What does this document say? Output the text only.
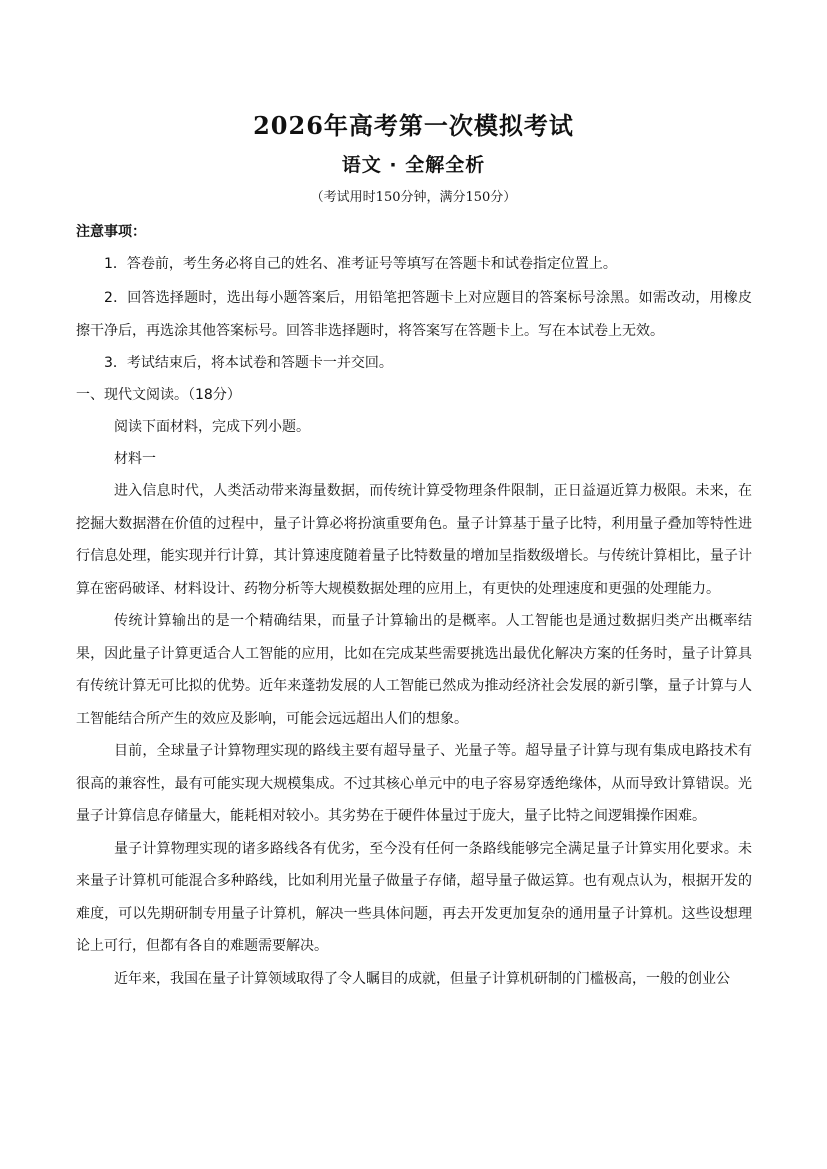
2026年高考第一次模拟考试
语文 · 全解全析

（考试用时150分钟，满分150分）

注意事项：

1．答卷前，考生务必将自己的姓名、准考证号等填写在答题卡和试卷指定位置上。

2．回答选择题时，选出每小题答案后，用铅笔把答题卡上对应题目的答案标号涂黑。如需改动，用橡皮擦干净后，再选涂其他答案标号。回答非选择题时，将答案写在答题卡上。写在本试卷上无效。

3．考试结束后，将本试卷和答题卡一并交回。

一、现代文阅读。（18分）

阅读下面材料，完成下列小题。

材料一

进入信息时代，人类活动带来海量数据，而传统计算受物理条件限制，正日益逼近算力极限。未来，在挖掘大数据潜在价值的过程中，量子计算必将扮演重要角色。量子计算基于量子比特，利用量子叠加等特性进行信息处理，能实现并行计算，其计算速度随着量子比特数量的增加呈指数级增长。与传统计算相比，量子计算在密码破译、材料设计、药物分析等大规模数据处理的应用上，有更快的处理速度和更强的处理能力。

传统计算输出的是一个精确结果，而量子计算输出的是概率。人工智能也是通过数据归类产出概率结果，因此量子计算更适合人工智能的应用，比如在完成某些需要挑选出最优化解决方案的任务时，量子计算具有传统计算无可比拟的优势。近年来蓬勃发展的人工智能已然成为推动经济社会发展的新引擎，量子计算与人工智能结合所产生的效应及影响，可能会远远超出人们的想象。

目前，全球量子计算物理实现的路线主要有超导量子、光量子等。超导量子计算与现有集成电路技术有很高的兼容性，最有可能实现大规模集成。不过其核心单元中的电子容易穿透绝缘体，从而导致计算错误。光量子计算信息存储量大，能耗相对较小。其劣势在于硬件体量过于庞大，量子比特之间逻辑操作困难。

量子计算物理实现的诸多路线各有优劣，至今没有任何一条路线能够完全满足量子计算实用化要求。未来量子计算机可能混合多种路线，比如利用光量子做量子存储，超导量子做运算。也有观点认为，根据开发的难度，可以先期研制专用量子计算机，解决一些具体问题，再去开发更加复杂的通用量子计算机。这些设想理论上可行，但都有各自的难题需要解决。

近年来，我国在量子计算领域取得了令人瞩目的成就，但量子计算机研制的门槛极高，一般的创业公
